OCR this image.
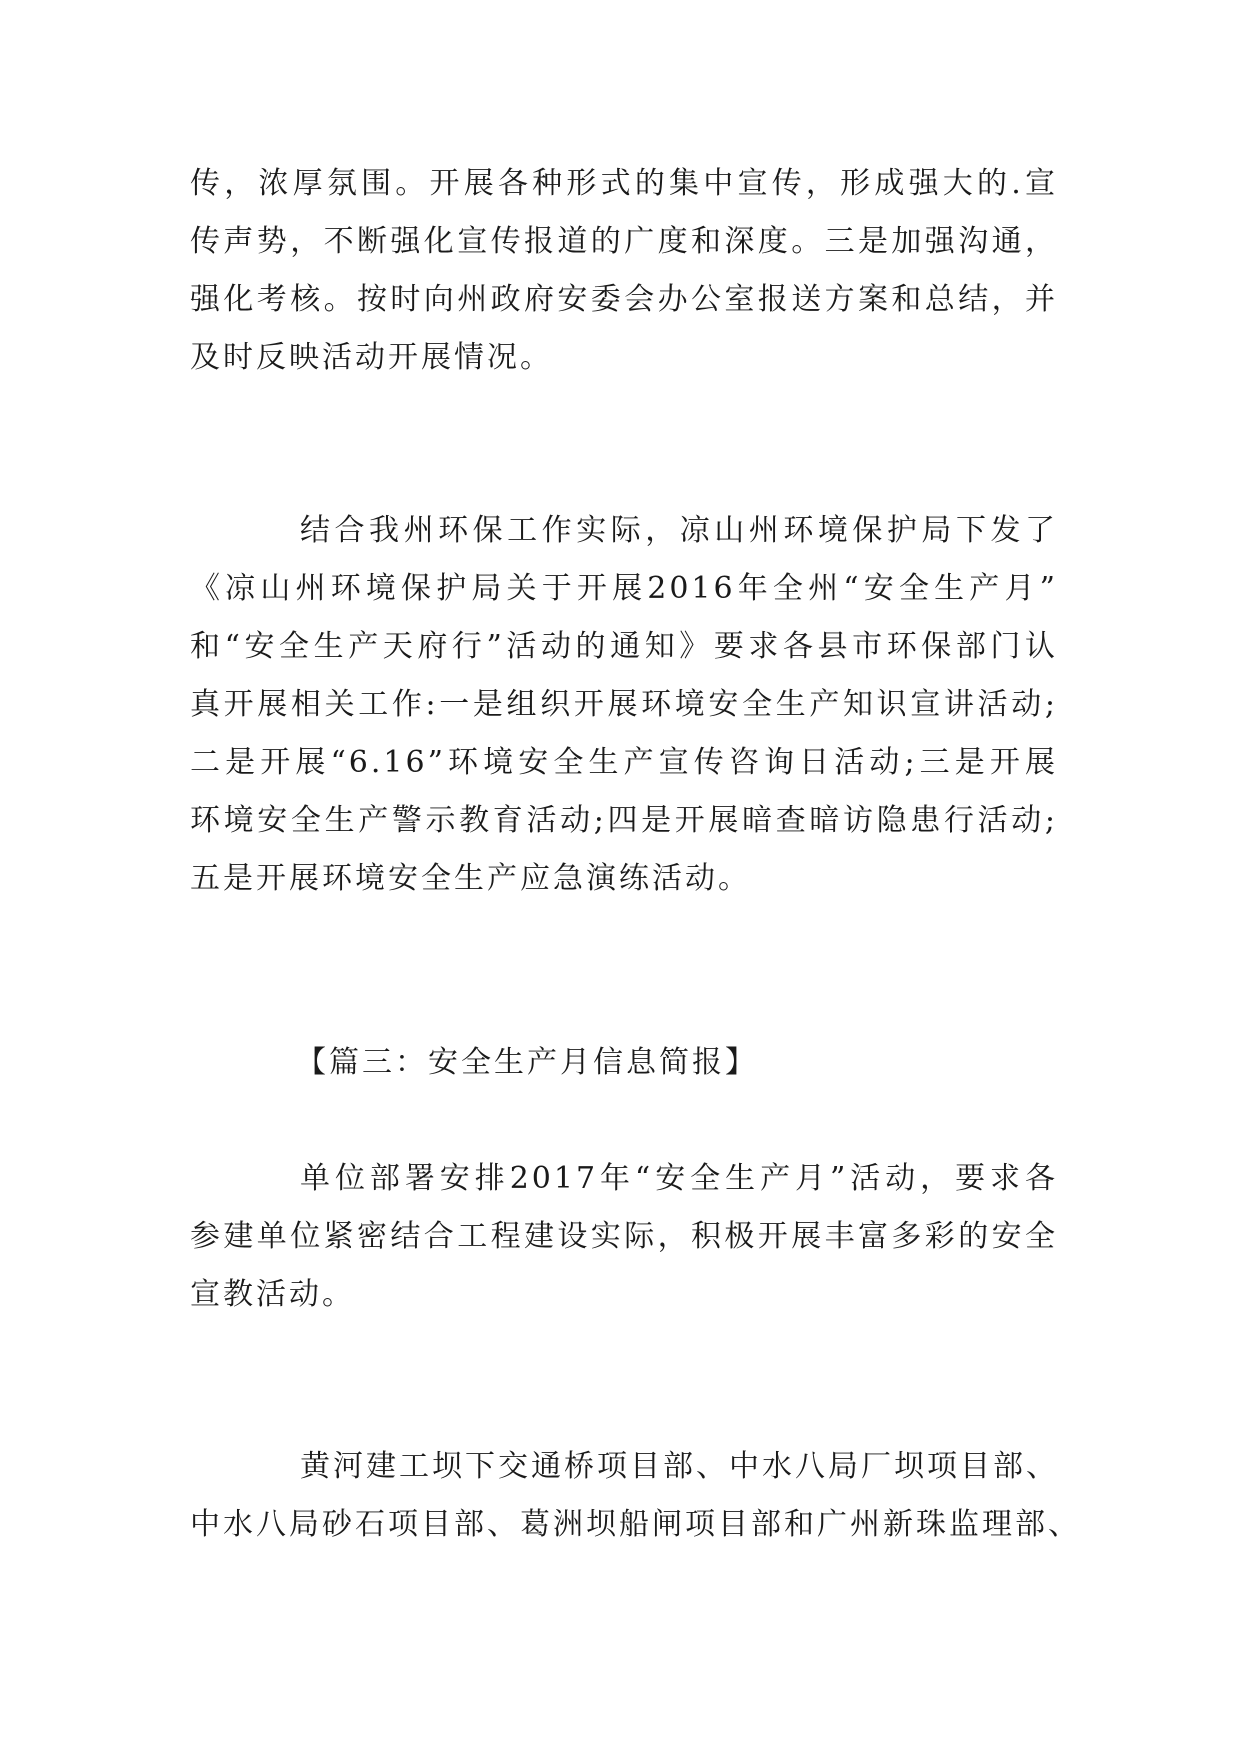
传，浓厚氛围。开展各种形式的集中宣传，形成强大的.宣
传声势，不断强化宣传报道的广度和深度。三是加强沟通，
强化考核。按时向州政府安委会办公室报送方案和总结，并
及时反映活动开展情况。
结合我州环保工作实际，凉山州环境保护局下发了
《凉山州环境保护局关于开展2016年全州“安全生产月”
和“安全生产天府行”活动的通知》要求各县市环保部门认
真开展相关工作:一是组织开展环境安全生产知识宣讲活动;
二是开展“6.16”环境安全生产宣传咨询日活动;三是开展
环境安全生产警示教育活动;四是开展暗查暗访隐患行活动;
五是开展环境安全生产应急演练活动。
【篇三：安全生产月信息简报】
单位部署安排2017年“安全生产月”活动，要求各
参建单位紧密结合工程建设实际，积极开展丰富多彩的安全
宣教活动。
黄河建工坝下交通桥项目部、中水八局厂坝项目部、
中水八局砂石项目部、葛洲坝船闸项目部和广州新珠监理部、
